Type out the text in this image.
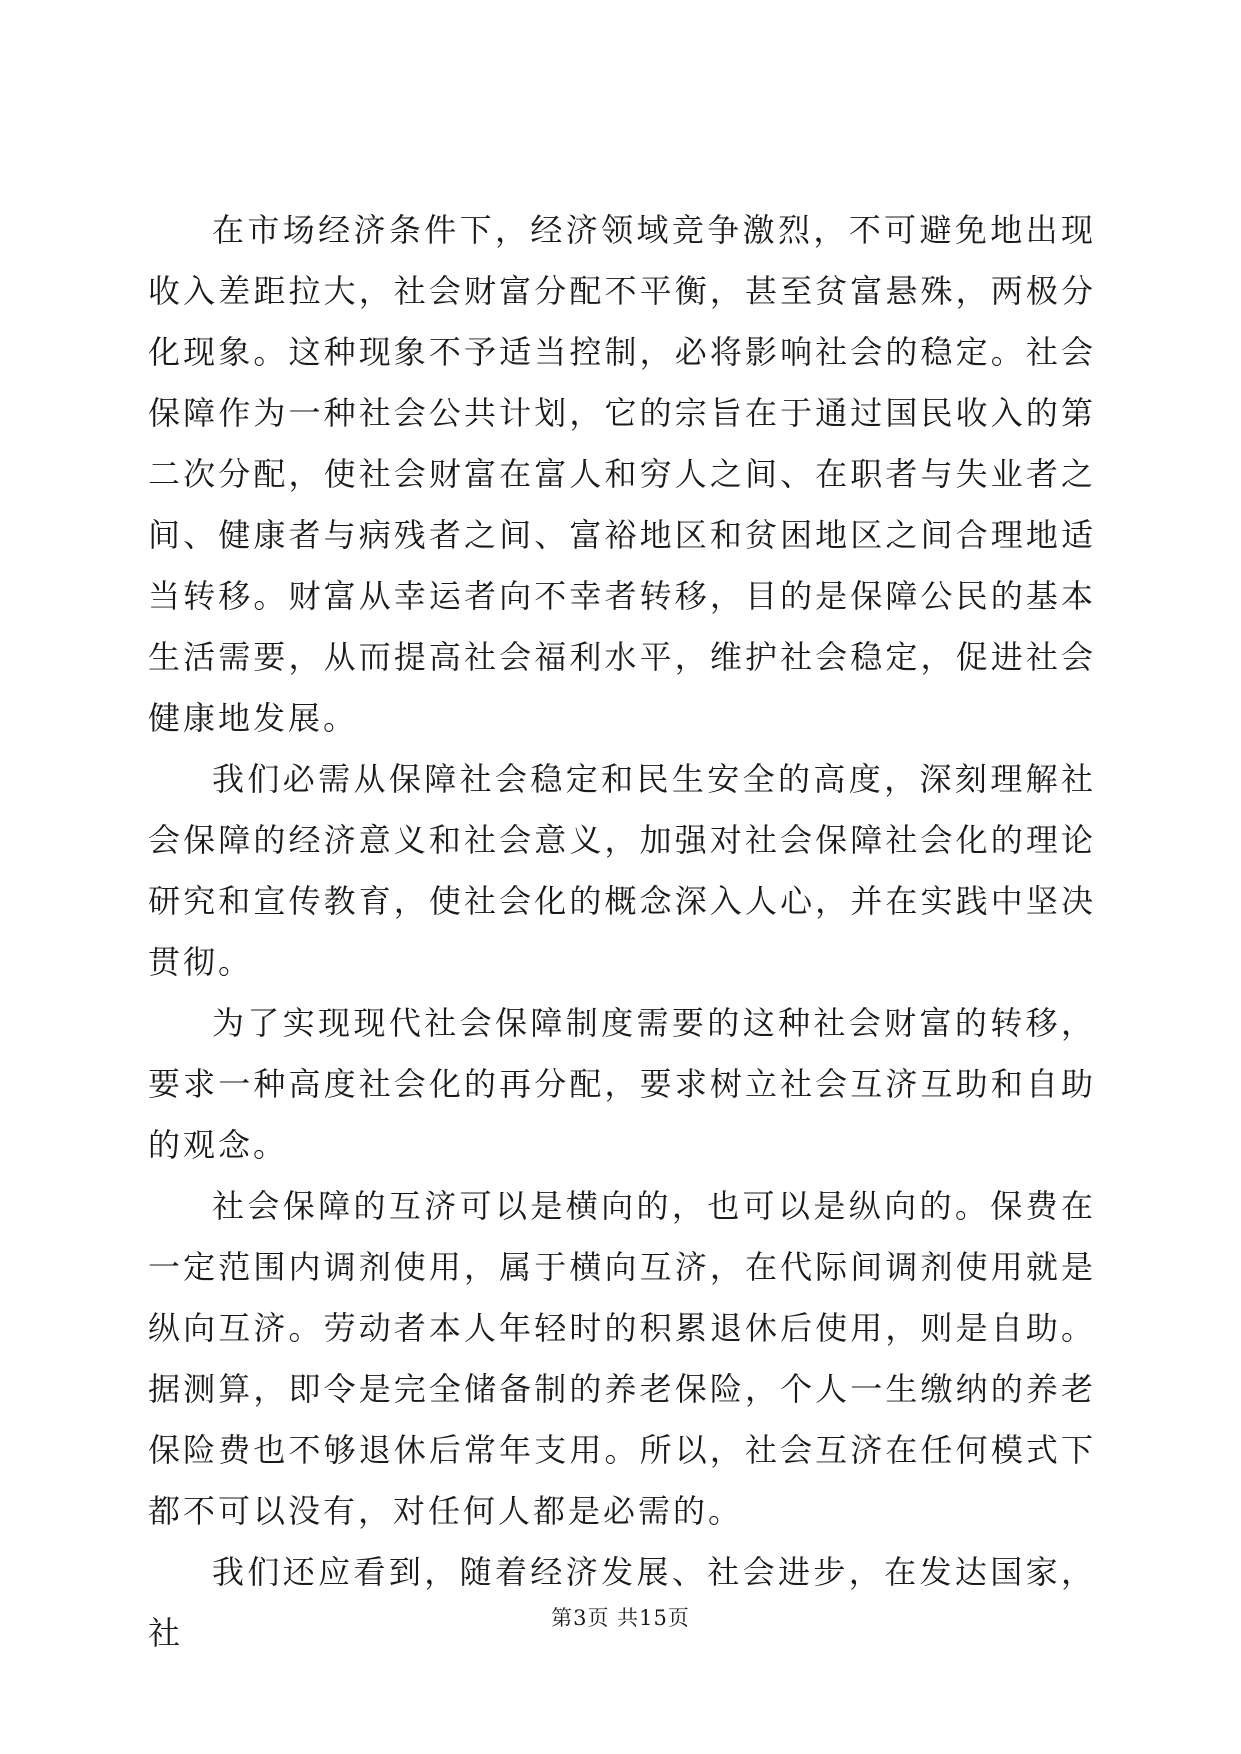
在市场经济条件下，经济领域竞争激烈，不可避免地出现收入差距拉大，社会财富分配不平衡，甚至贫富悬殊，两极分化现象。这种现象不予适当控制，必将影响社会的稳定。社会保障作为一种社会公共计划，它的宗旨在于通过国民收入的第二次分配，使社会财富在富人和穷人之间、在职者与失业者之间、健康者与病残者之间、富裕地区和贫困地区之间合理地适当转移。财富从幸运者向不幸者转移，目的是保障公民的基本生活需要，从而提高社会福利水平，维护社会稳定，促进社会健康地发展。

我们必需从保障社会稳定和民生安全的高度，深刻理解社会保障的经济意义和社会意义，加强对社会保障社会化的理论研究和宣传教育，使社会化的概念深入人心，并在实践中坚决贯彻。

为了实现现代社会保障制度需要的这种社会财富的转移，要求一种高度社会化的再分配，要求树立社会互济互助和自助的观念。

社会保障的互济可以是横向的，也可以是纵向的。保费在一定范围内调剂使用，属于横向互济，在代际间调剂使用就是纵向互济。劳动者本人年轻时的积累退休后使用，则是自助。据测算，即令是完全储备制的养老保险，个人一生缴纳的养老保险费也不够退休后常年支用。所以，社会互济在任何模式下都不可以没有，对任何人都是必需的。

我们还应看到，随着经济发展、社会进步，在发达国家，社	第3页 共15页
